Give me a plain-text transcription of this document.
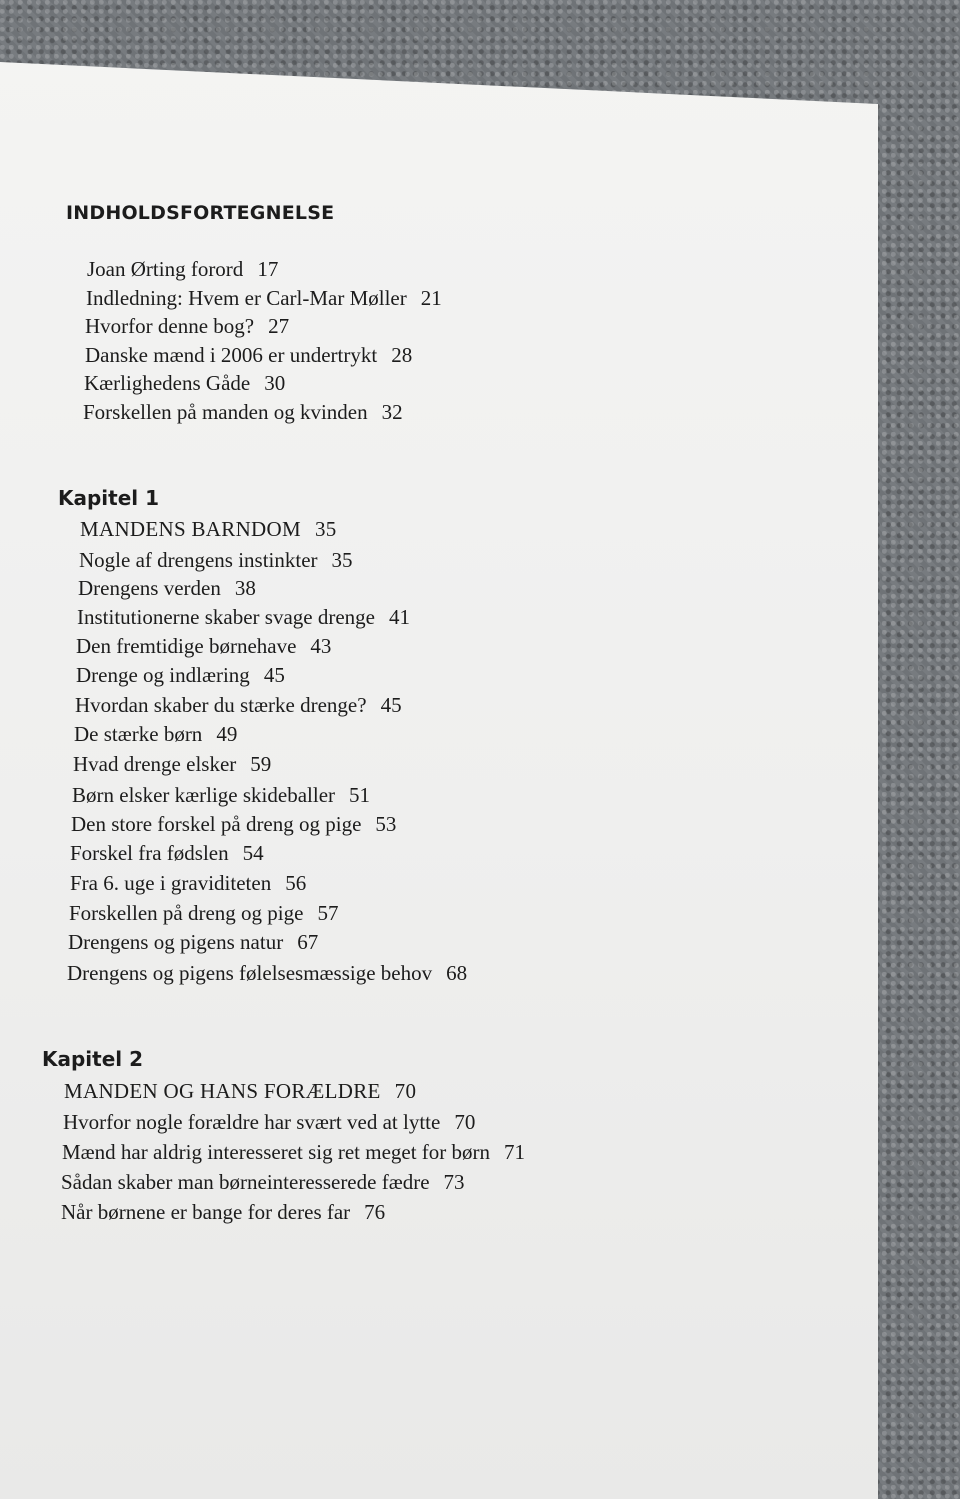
INDHOLDSFORTEGNELSE
Joan Ørting forord 17
Indledning: Hvem er Carl-Mar Møller 21
Hvorfor denne bog? 27
Danske mænd i 2006 er undertrykt 28
Kærlighedens Gåde 30
Forskellen på manden og kvinden 32
Kapitel 1
MANDENS BARNDOM 35
Nogle af drengens instinkter 35
Drengens verden 38
Institutionerne skaber svage drenge 41
Den fremtidige børnehave 43
Drenge og indlæring 45
Hvordan skaber du stærke drenge? 45
De stærke børn 49
Hvad drenge elsker 59
Børn elsker kærlige skideballer 51
Den store forskel på dreng og pige 53
Forskel fra fødslen 54
Fra 6. uge i graviditeten 56
Forskellen på dreng og pige 57
Drengens og pigens natur 67
Drengens og pigens følelsesmæssige behov 68
Kapitel 2
MANDEN OG HANS FORÆLDRE 70
Hvorfor nogle forældre har svært ved at lytte 70
Mænd har aldrig interesseret sig ret meget for børn 71
Sådan skaber man børneinteresserede fædre 73
Når børnene er bange for deres far 76
